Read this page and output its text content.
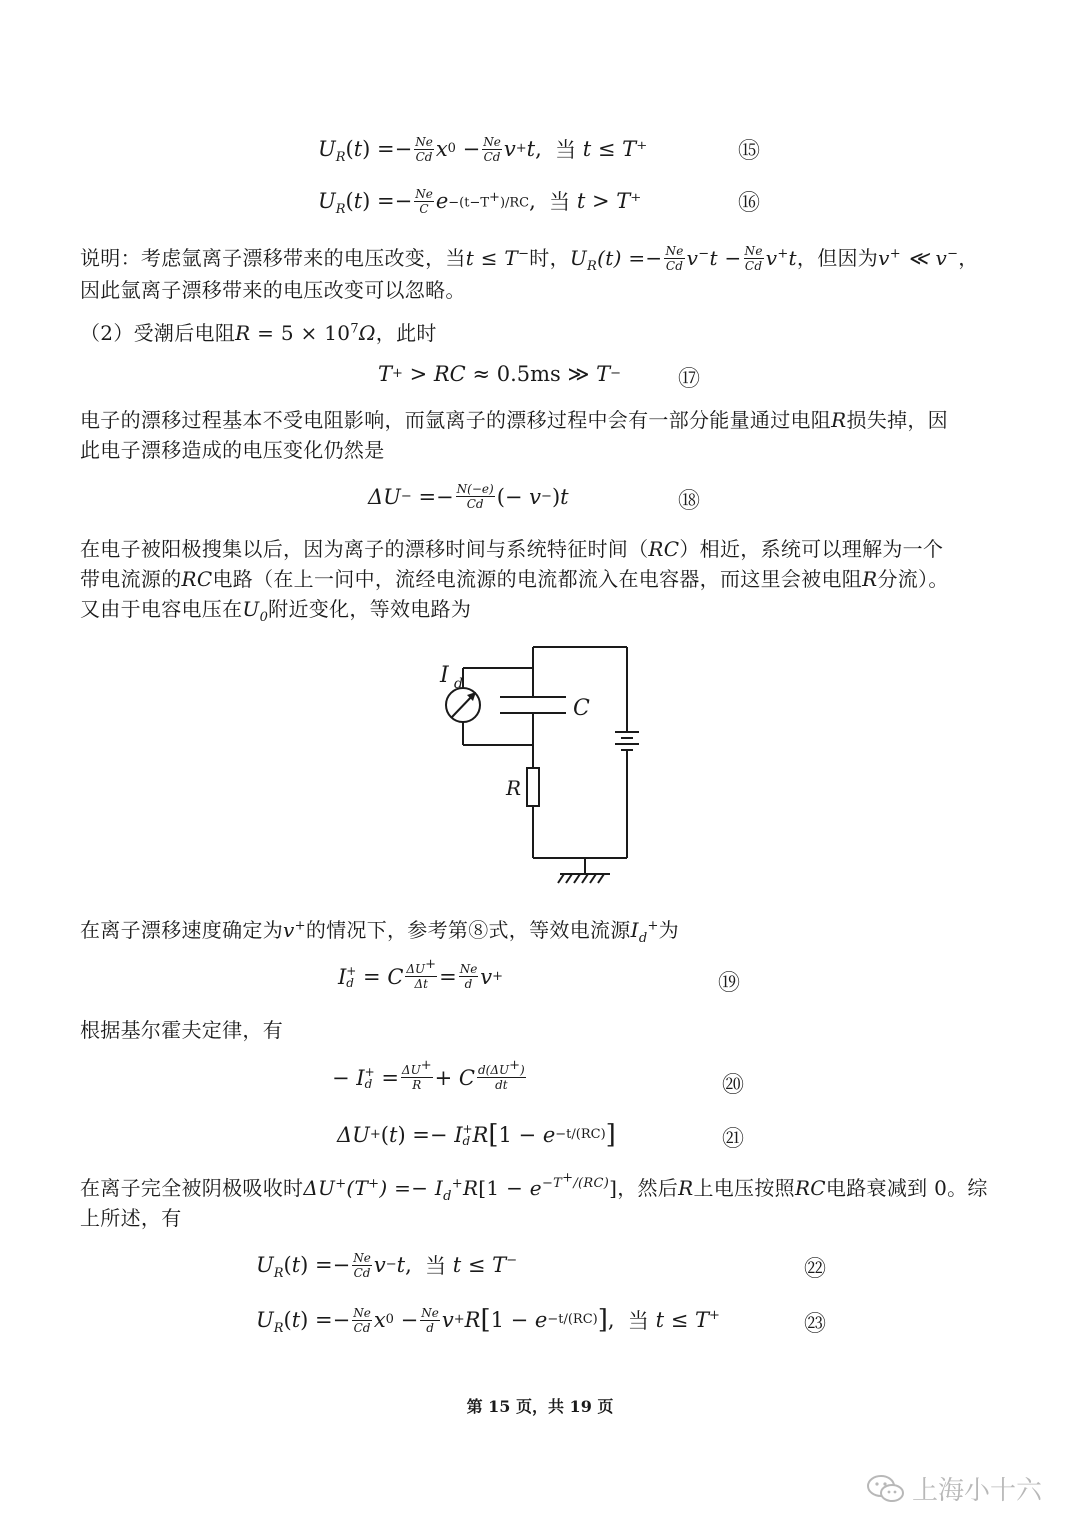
$U_R$ ( t ) =− $\frac{Ne}{Cd}$ x $0 - \frac{Ne}{Cd}$ v + t , 当
t ≤ T⁺	⑮
$U_R$ ( t ) =− $\frac{Ne}{C}$ e −(t−T+)/RC , 当
t > T⁺	⑯
说明：考虑氩离子漂移带来的电压改变，当 t ≤ T− 时， $U_R(t) =- \frac{Ne}{Cd} v^-t - \frac{Ne}{Cd} v^+t$ ，但因为 v+ ≪ v− ，
因此氩离子漂移带来的电压改变可以忽略。
（2）受潮后电阻 $R = 5 \times 10^7$ Ω ，此时
T + > RC ≈ 0.5ms ≫ T −	⑰
电子的漂移过程基本不受电阻影响，而氩离子的漂移过程中会有一部分能量通过电阻 R 损失掉，因
此电子漂移造成的电压变化仍然是
ΔU − =− $\frac{N(-e)}{Cd}$ (− v − ) t	⑱
在电子被阳极搜集以后，因为离子的漂移时间与系统特征时间（ RC ）相近，系统可以理解为一个
带电流源的 RC 电路（在上一问中，流经电流源的电流都流入在电容器，而这里会被电阻 R 分流）。
又由于电容电压在 $U_0$ 附近变化，等效电路为
I d
C
R
在离子漂移速度确定为 v+ 的情况下，参考第⑧式，等效电流源 $I_d^+$ 为
I +
d = C $\frac{\Delta U^+}{\Delta t} = \frac{Ne}{d}$ v +	⑲
根据基尔霍夫定律，有
− I +
$d = \frac{\Delta U^+}{R} + C \frac{d(\Delta U^+)}{dt}$	⑳
ΔU + ( t ) =− I +
d R [ 1 − e −t/(RC) ]	㉑
在离子完全被阴极吸收时 $\Delta U^+(T^+) =- I_d^+R$ [$1 - e^{-T^+/(RC)}$ ] ，然后 R 上电压按照 RC 电路衰减到 0。综
上所述，有
$U_R$ ( t ) =− $\frac{Ne}{Cd}$ v − t , 当
t ≤ T−	㉒
$U_R$ ( t ) =− $\frac{Ne}{Cd}$ x $0 - \frac{Ne}{d}$ v + R [ 1 − e −t/(RC) ] , 当
t ≤ T+	㉓
第 15 页，共 19 页
上海小十六
